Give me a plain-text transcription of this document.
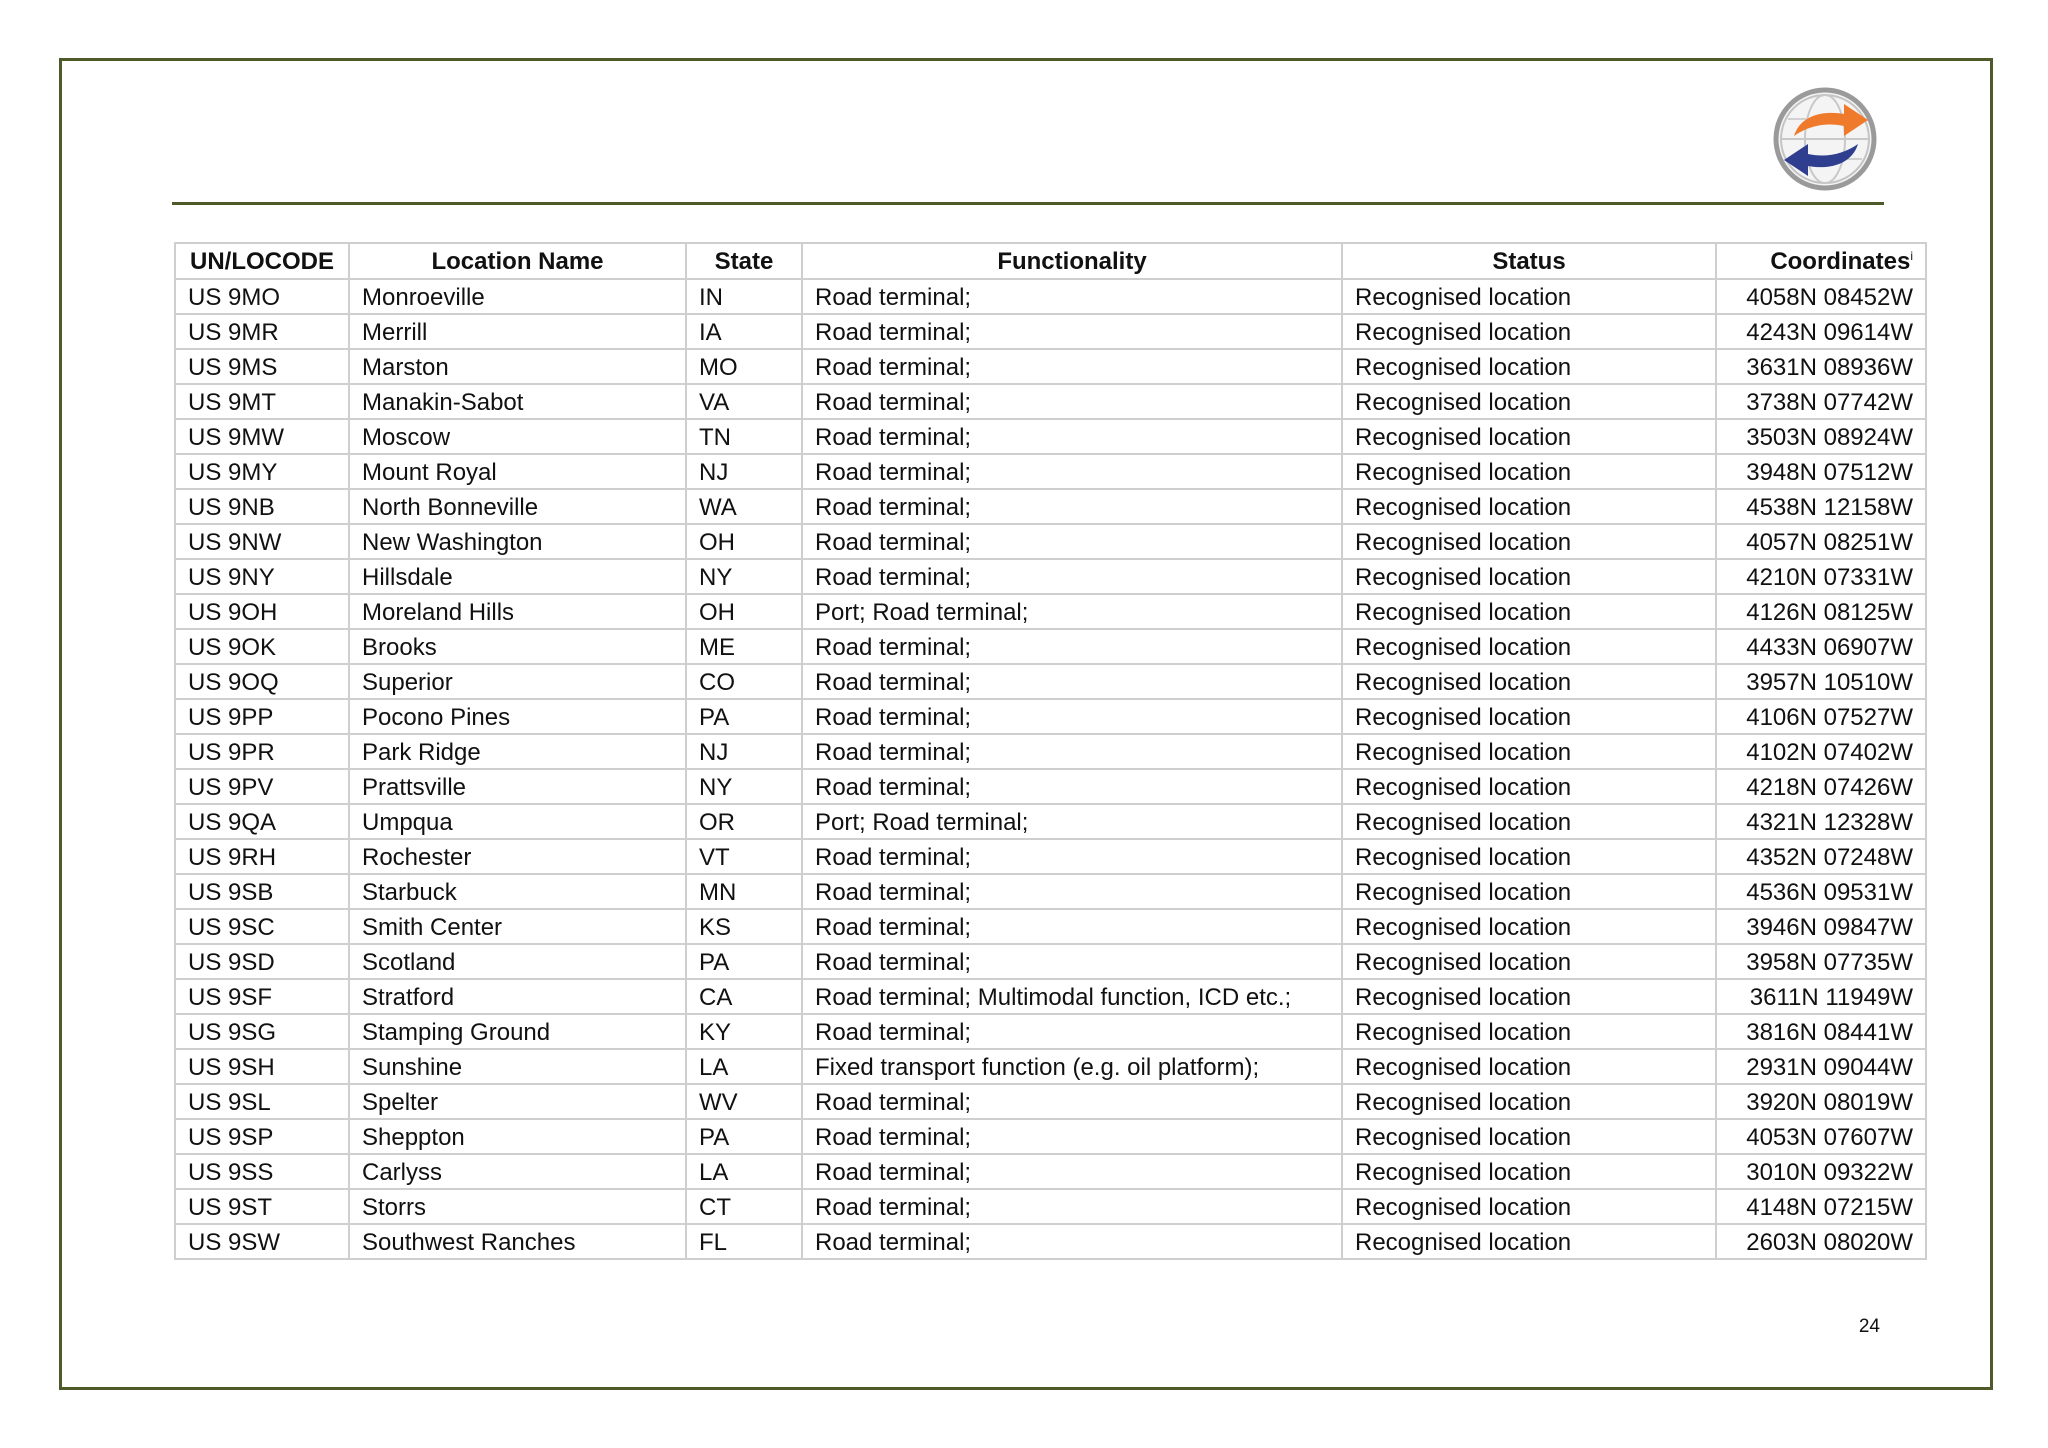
UN/LOCODE	Location Name	State	Functionality	Status	Coordinates$^i$
US 9MO	Monroeville	IN	Road terminal;	Recognised location	4058N 08452W
US 9MR	Merrill	IA	Road terminal;	Recognised location	4243N 09614W
US 9MS	Marston	MO	Road terminal;	Recognised location	3631N 08936W
US 9MT	Manakin-Sabot	VA	Road terminal;	Recognised location	3738N 07742W
US 9MW	Moscow	TN	Road terminal;	Recognised location	3503N 08924W
US 9MY	Mount Royal	NJ	Road terminal;	Recognised location	3948N 07512W
US 9NB	North Bonneville	WA	Road terminal;	Recognised location	4538N 12158W
US 9NW	New Washington	OH	Road terminal;	Recognised location	4057N 08251W
US 9NY	Hillsdale	NY	Road terminal;	Recognised location	4210N 07331W
US 9OH	Moreland Hills	OH	Port; Road terminal;	Recognised location	4126N 08125W
US 9OK	Brooks	ME	Road terminal;	Recognised location	4433N 06907W
US 9OQ	Superior	CO	Road terminal;	Recognised location	3957N 10510W
US 9PP	Pocono Pines	PA	Road terminal;	Recognised location	4106N 07527W
US 9PR	Park Ridge	NJ	Road terminal;	Recognised location	4102N 07402W
US 9PV	Prattsville	NY	Road terminal;	Recognised location	4218N 07426W
US 9QA	Umpqua	OR	Port; Road terminal;	Recognised location	4321N 12328W
US 9RH	Rochester	VT	Road terminal;	Recognised location	4352N 07248W
US 9SB	Starbuck	MN	Road terminal;	Recognised location	4536N 09531W
US 9SC	Smith Center	KS	Road terminal;	Recognised location	3946N 09847W
US 9SD	Scotland	PA	Road terminal;	Recognised location	3958N 07735W
US 9SF	Stratford	CA	Road terminal; Multimodal function, ICD etc.;	Recognised location	3611N 11949W
US 9SG	Stamping Ground	KY	Road terminal;	Recognised location	3816N 08441W
US 9SH	Sunshine	LA	Fixed transport function (e.g. oil platform);	Recognised location	2931N 09044W
US 9SL	Spelter	WV	Road terminal;	Recognised location	3920N 08019W
US 9SP	Sheppton	PA	Road terminal;	Recognised location	4053N 07607W
US 9SS	Carlyss	LA	Road terminal;	Recognised location	3010N 09322W
US 9ST	Storrs	CT	Road terminal;	Recognised location	4148N 07215W
US 9SW	Southwest Ranches	FL	Road terminal;	Recognised location	2603N 08020W
24
